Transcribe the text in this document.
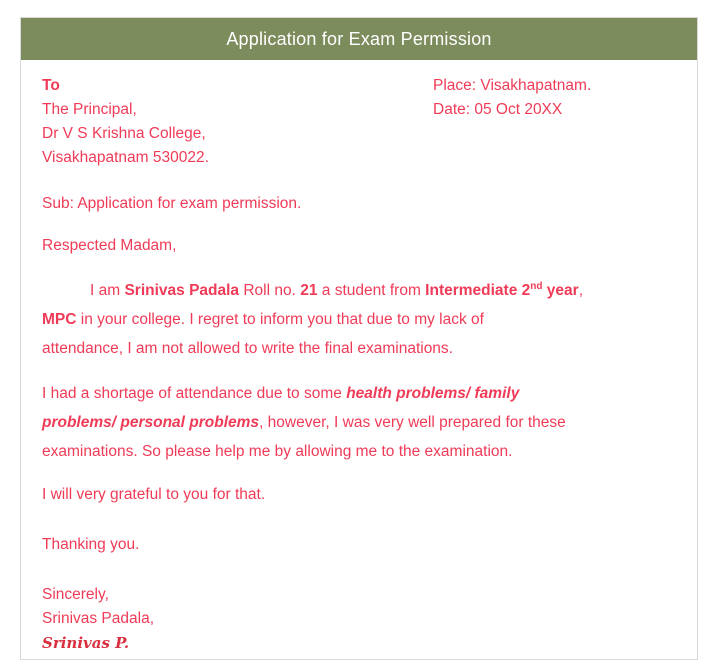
Application for Exam Permission
To
The Principal,
Dr V S Krishna College,
Visakhapatnam 530022.
Place: Visakhapatnam.
Date: 05 Oct 20XX

Sub: Application for exam permission.

Respected Madam,

I am Srinivas Padala Roll no. 21 a student from Intermediate 2nd year,
MPC in your college. I regret to inform you that due to my lack of
attendance, I am not allowed to write the final examinations.

I had a shortage of attendance due to some health problems/ family
problems/ personal problems, however, I was very well prepared for these
examinations. So please help me by allowing me to the examination.

I will very grateful to you for that.

Thanking you.

Sincerely,
Srinivas Padala,
Srinivas P.
